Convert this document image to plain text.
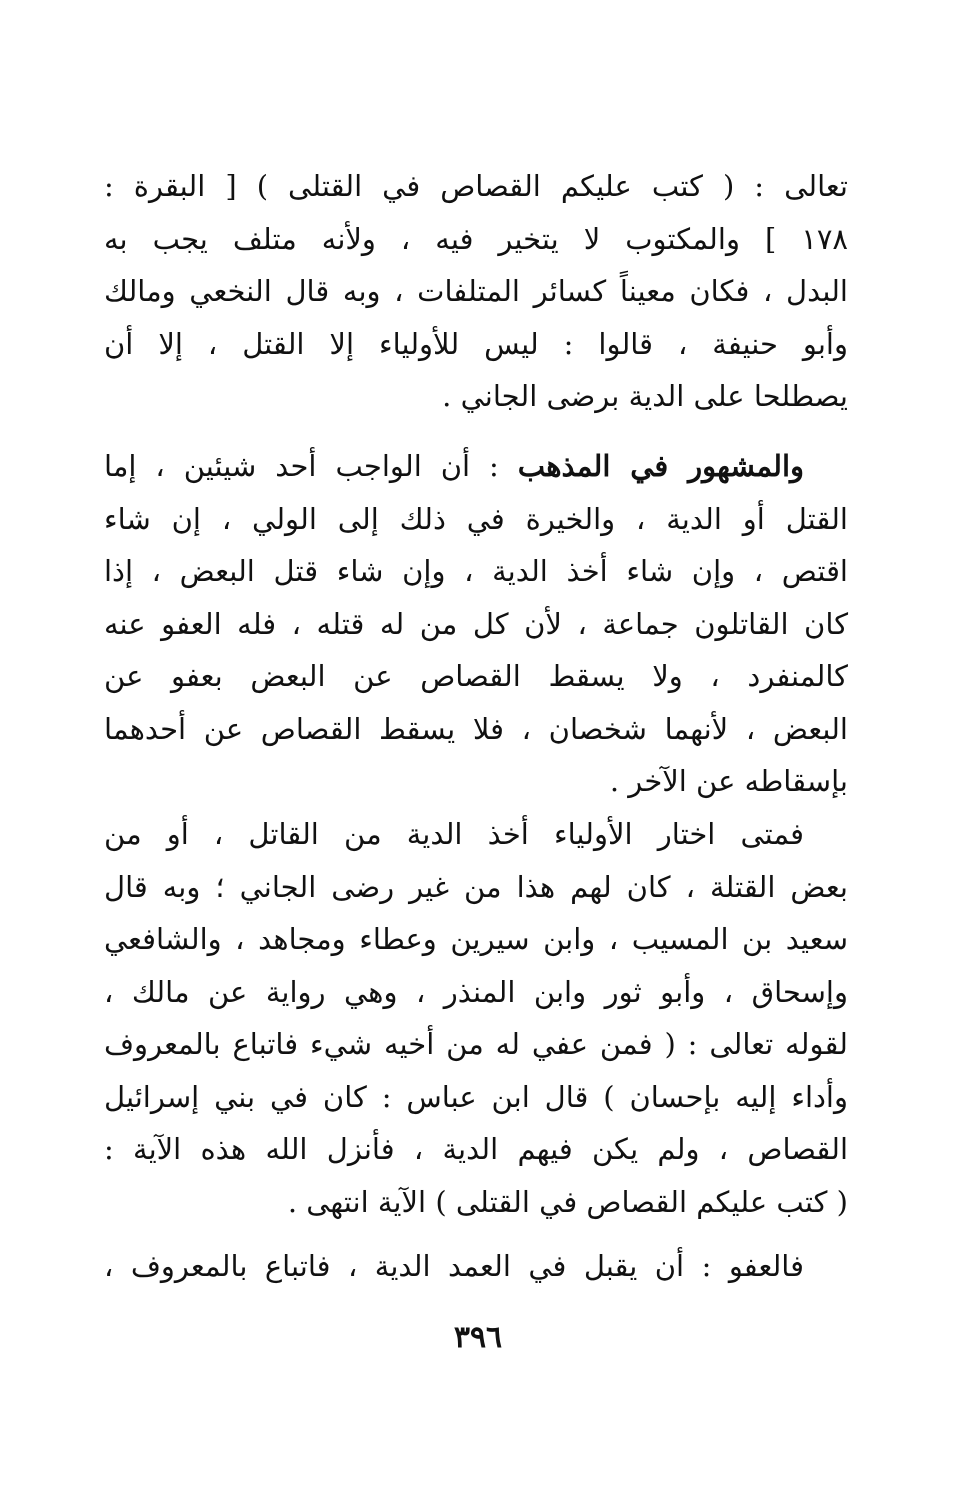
تعالى : ( كتب عليكم القصاص في القتلى ) [ البقرة :
١٧٨ ] والمكتوب لا يتخير فيه ، ولأنه متلف يجب به
البدل ، فكان معيناً كسائر المتلفات ، وبه قال النخعي ومالك
وأبو حنيفة ، قالوا : ليس للأولياء إلا القتل ، إلا أن
يصطلحا على الدية برضى الجاني .
والمشهور في المذهب : أن الواجب أحد شيئين ، إما
القتل أو الدية ، والخيرة في ذلك إلى الولي ، إن شاء
اقتص ، وإن شاء أخذ الدية ، وإن شاء قتل البعض ، إذا
كان القاتلون جماعة ، لأن كل من له قتله ، فله العفو عنه
كالمنفرد ، ولا يسقط القصاص عن البعض بعفو عن
البعض ، لأنهما شخصان ، فلا يسقط القصاص عن أحدهما
بإسقاطه عن الآخر .
فمتى اختار الأولياء أخذ الدية من القاتل ، أو من
بعض القتلة ، كان لهم هذا من غير رضى الجاني ؛ وبه قال
سعيد بن المسيب ، وابن سيرين وعطاء ومجاهد ، والشافعي
وإسحاق ، وأبو ثور وابن المنذر ، وهي رواية عن مالك ،
لقوله تعالى : ( فمن عفي له من أخيه شيء فاتباع بالمعروف
وأداء إليه بإحسان ) قال ابن عباس : كان في بني إسرائيل
القصاص ، ولم يكن فيهم الدية ، فأنزل الله هذه الآية :
( كتب عليكم القصاص في القتلى ) الآية انتهى .
فالعفو : أن يقبل في العمد الدية ، فاتباع بالمعروف ،
٣٩٦
